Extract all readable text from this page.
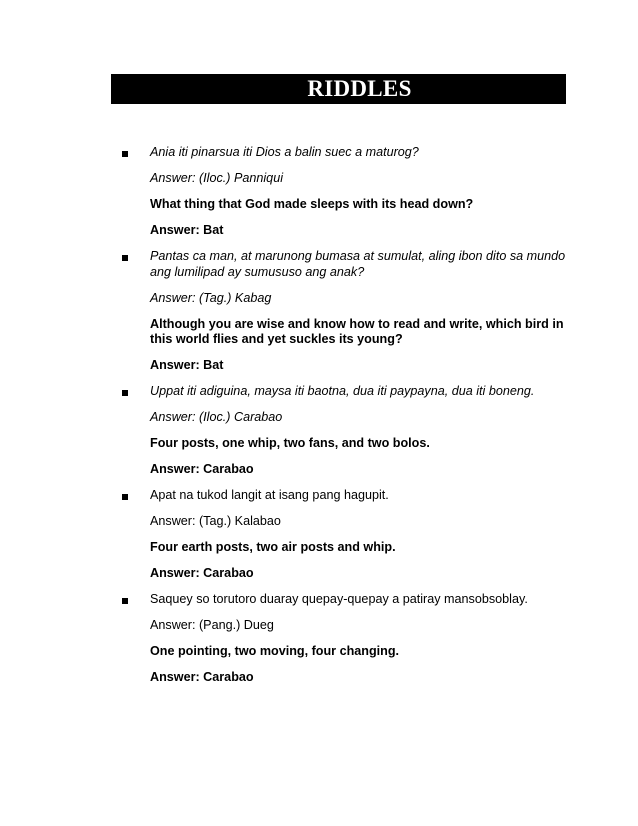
RIDDLES
Ania iti pinarsua iti Dios a balin suec a maturog?
Answer: (Iloc.) Panniqui
What thing that God made sleeps with its head down?
Answer: Bat
Pantas ca man, at marunong bumasa at sumulat, aling ibon dito sa mundo ang lumilipad ay sumususo ang anak?
Answer: (Tag.) Kabag
Although you are wise and know how to read and write, which bird in this world flies and yet suckles its young?
Answer: Bat
Uppat iti adiguina, maysa iti baotna, dua iti paypayna, dua iti boneng.
Answer: (Iloc.) Carabao
Four posts, one whip, two fans, and two bolos.
Answer: Carabao
Apat na tukod langit at isang pang hagupit.
Answer: (Tag.) Kalabao
Four earth posts, two air posts and whip.
Answer: Carabao
Saquey so torutoro duaray quepay-quepay a patiray mansobsoblay.
Answer: (Pang.) Dueg
One pointing, two moving, four changing.
Answer: Carabao
